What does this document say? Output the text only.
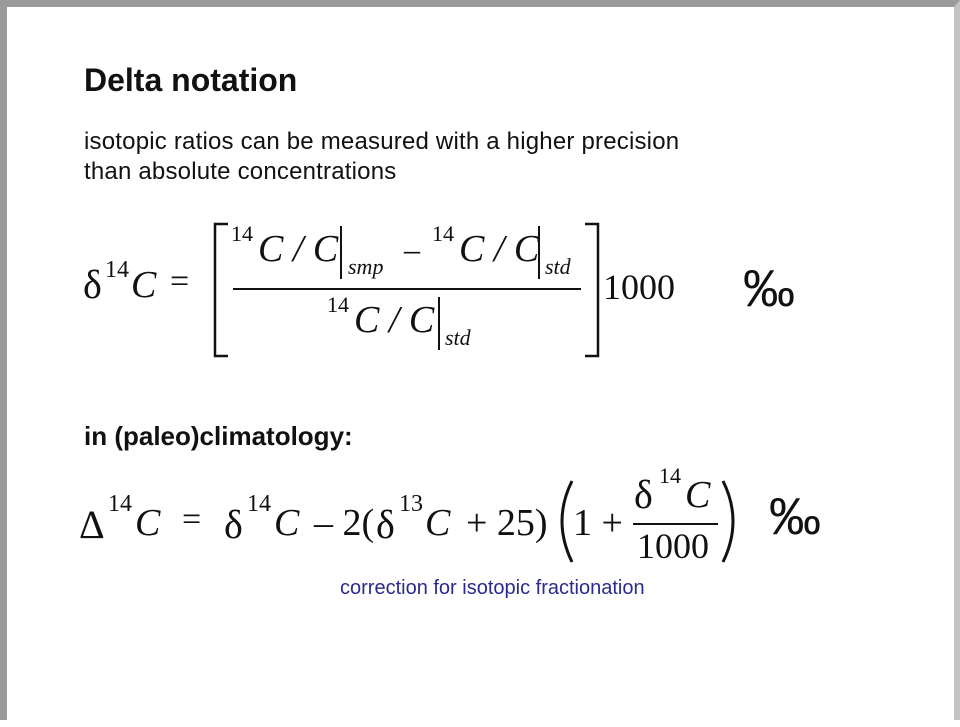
Delta notation
isotopic ratios can be measured with a higher precision
than absolute concentrations
δ 14 C =
14 C / C smp – 14 C / C std
14 C / C std
1000 ‰
in (paleo)climatology:
Δ 14 C = δ 14 C – 2( δ 13 C + 25) 1 +
δ 14 C
1000 ‰
correction for isotopic fractionation
